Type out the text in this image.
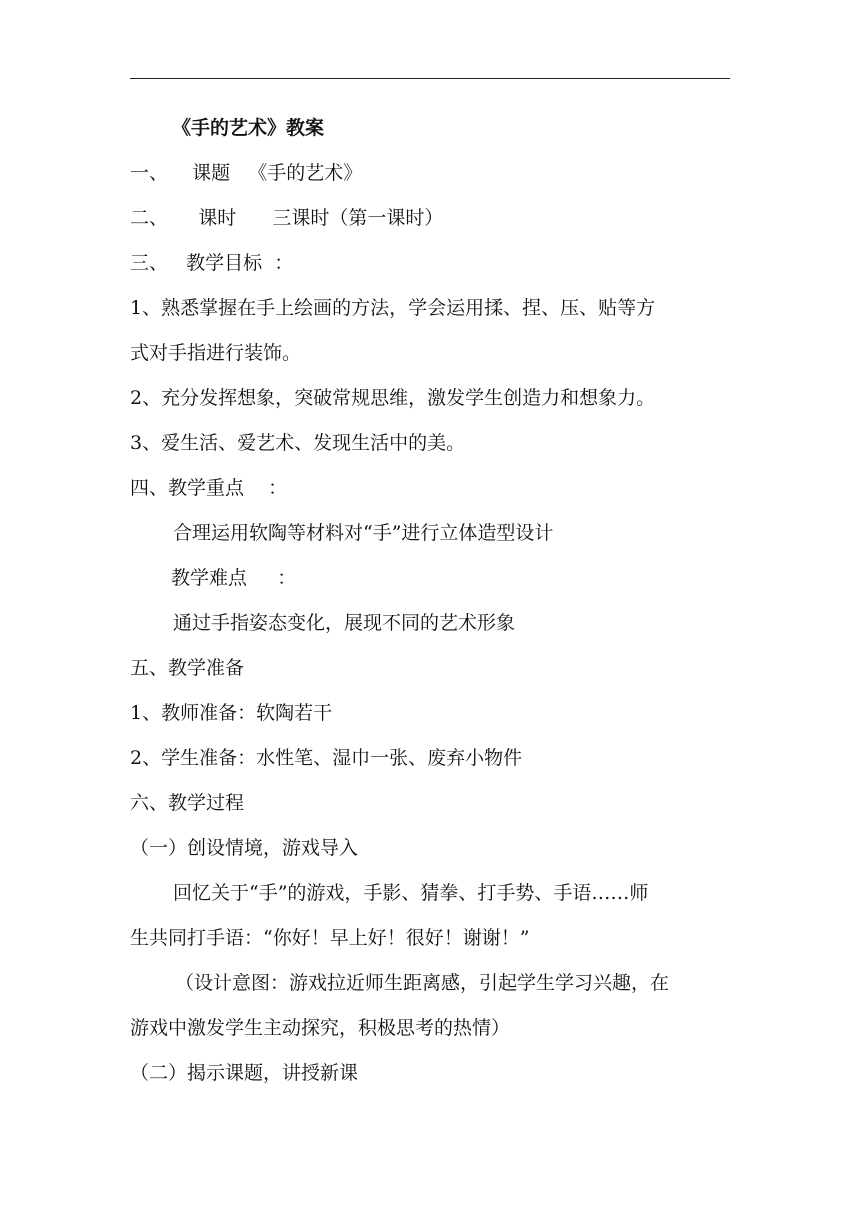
《手的艺术》教案
一、    课题   《手的艺术》
二、     课时      三课时（第一课时）
三、   教学目标  ：
1、熟悉掌握在手上绘画的方法，学会运用揉、捏、压、贴等方
式对手指进行装饰。
2、充分发挥想象，突破常规思维，激发学生创造力和想象力。
3、爱生活、爱艺术、发现生活中的美。
四、教学重点    ：
合理运用软陶等材料对“手”进行立体造型设计
教学难点     ：
通过手指姿态变化，展现不同的艺术形象
五、教学准备
1、教师准备：软陶若干
2、学生准备：水性笔、湿巾一张、废弃小物件
六、教学过程
（一）创设情境，游戏导入
回忆关于“手”的游戏，手影、猜拳、打手势、手语……师
生共同打手语：“你好！早上好！很好！谢谢！”
（设计意图：游戏拉近师生距离感，引起学生学习兴趣，在
游戏中激发学生主动探究，积极思考的热情）
（二）揭示课题，讲授新课
